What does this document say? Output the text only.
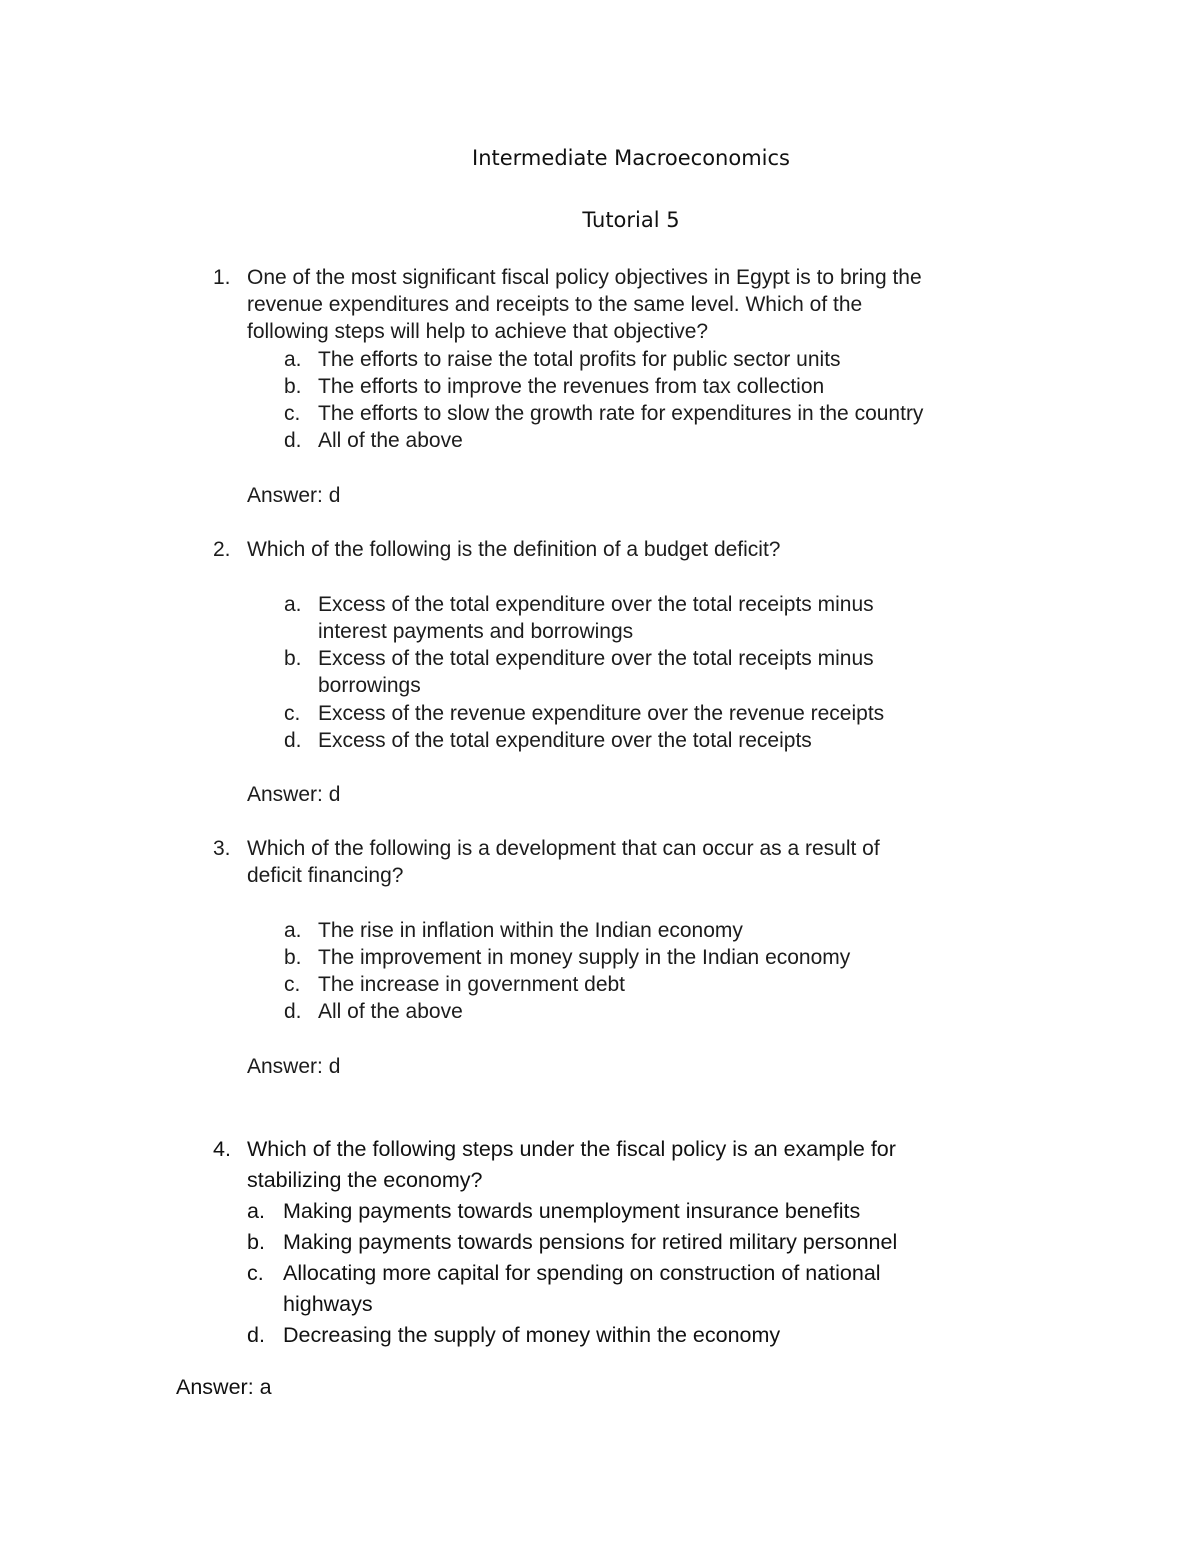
Intermediate Macroeconomics
Tutorial 5
1. One of the most significant fiscal policy objectives in Egypt is to bring the
revenue expenditures and receipts to the same level. Which of the
following steps will help to achieve that objective?
a. The efforts to raise the total profits for public sector units
b. The efforts to improve the revenues from tax collection
c. The efforts to slow the growth rate for expenditures in the country
d. All of the above
Answer: d
2. Which of the following is the definition of a budget deficit?
a. Excess of the total expenditure over the total receipts minus
interest payments and borrowings
b. Excess of the total expenditure over the total receipts minus
borrowings
c. Excess of the revenue expenditure over the revenue receipts
d. Excess of the total expenditure over the total receipts
Answer: d
3. Which of the following is a development that can occur as a result of
deficit financing?
a. The rise in inflation within the Indian economy
b. The improvement in money supply in the Indian economy
c. The increase in government debt
d. All of the above
Answer: d
4. Which of the following steps under the fiscal policy is an example for
stabilizing the economy?
a. Making payments towards unemployment insurance benefits
b. Making payments towards pensions for retired military personnel
c. Allocating more capital for spending on construction of national
highways
d. Decreasing the supply of money within the economy
Answer: a
